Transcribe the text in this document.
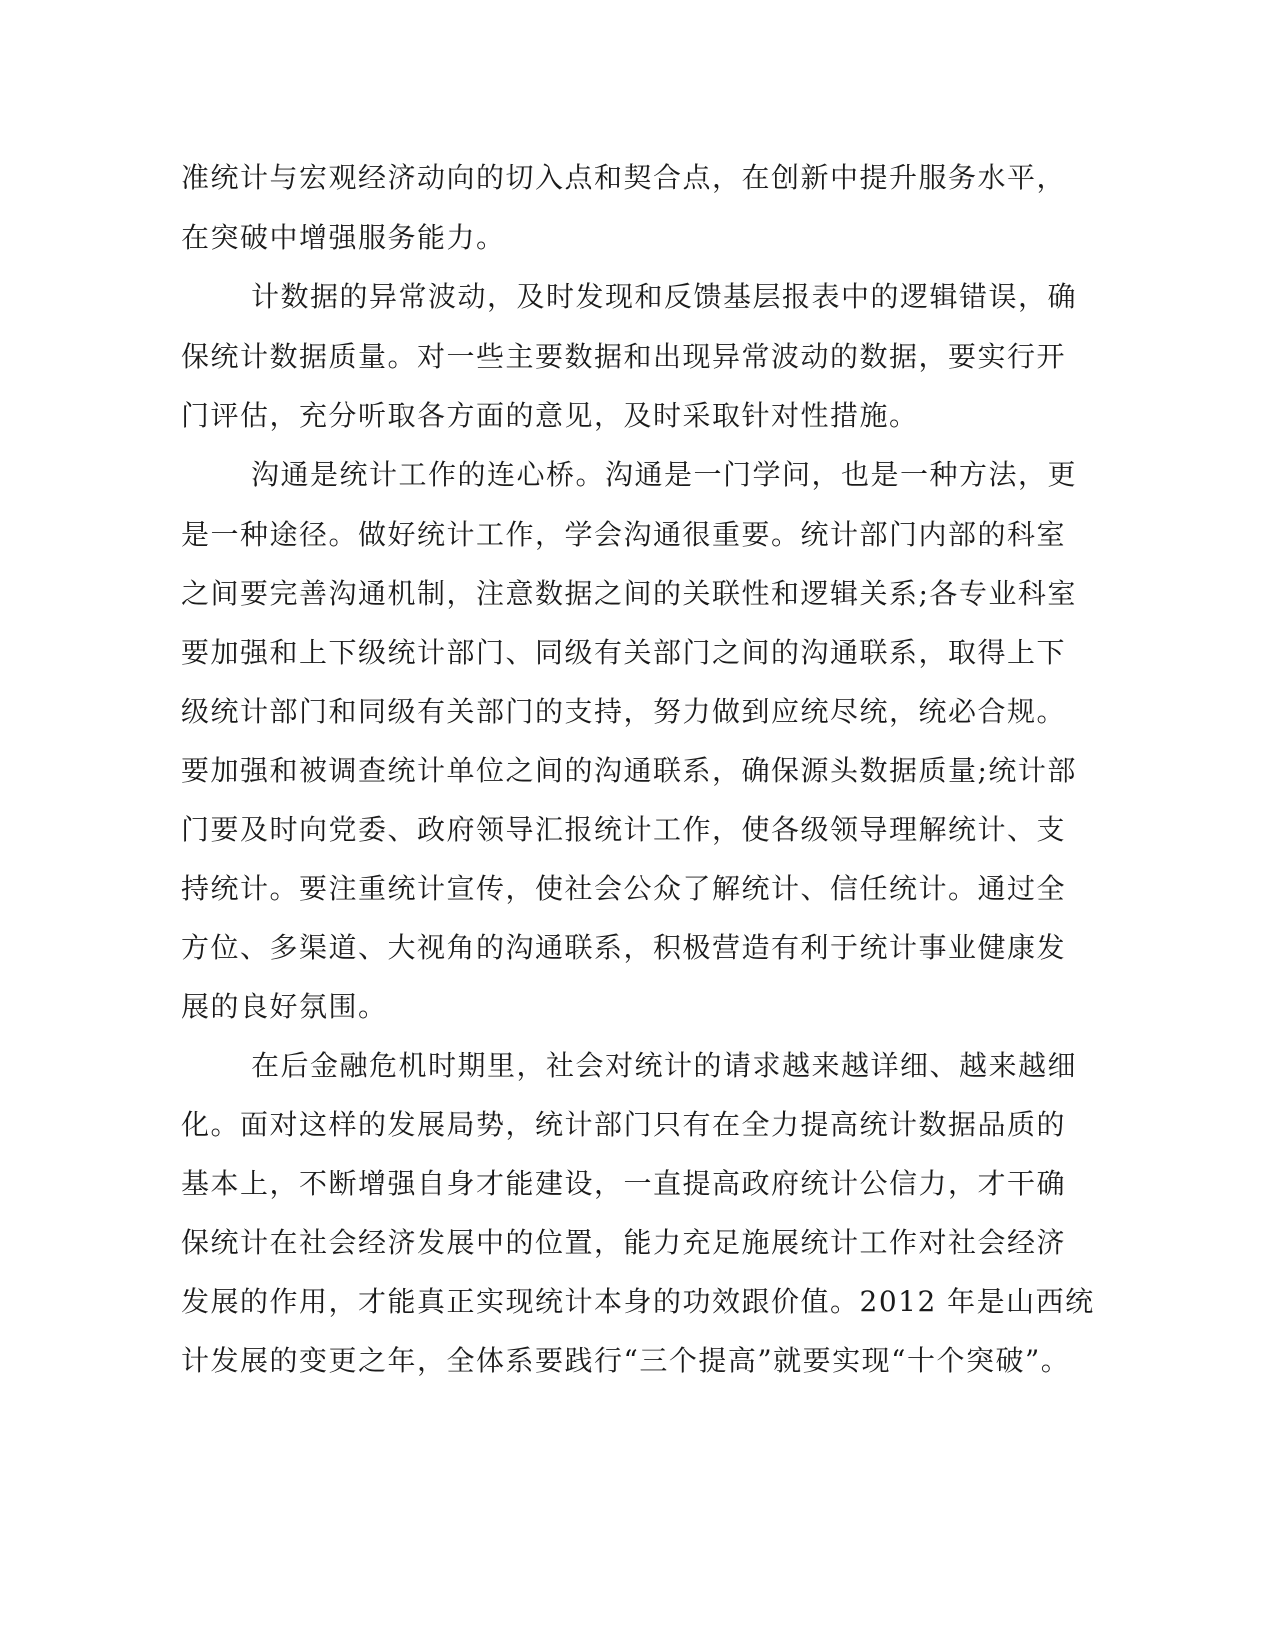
准统计与宏观经济动向的切入点和契合点，在创新中提升服务水平，

在突破中增强服务能力。

计数据的异常波动，及时发现和反馈基层报表中的逻辑错误，确

保统计数据质量。对一些主要数据和出现异常波动的数据，要实行开

门评估，充分听取各方面的意见，及时采取针对性措施。

沟通是统计工作的连心桥。沟通是一门学问，也是一种方法，更

是一种途径。做好统计工作，学会沟通很重要。统计部门内部的科室

之间要完善沟通机制，注意数据之间的关联性和逻辑关系;各专业科室

要加强和上下级统计部门、同级有关部门之间的沟通联系，取得上下

级统计部门和同级有关部门的支持，努力做到应统尽统，统必合规。

要加强和被调查统计单位之间的沟通联系，确保源头数据质量;统计部

门要及时向党委、政府领导汇报统计工作，使各级领导理解统计、支

持统计。要注重统计宣传，使社会公众了解统计、信任统计。通过全

方位、多渠道、大视角的沟通联系，积极营造有利于统计事业健康发

展的良好氛围。

在后金融危机时期里，社会对统计的请求越来越详细、越来越细

化。面对这样的发展局势，统计部门只有在全力提高统计数据品质的

基本上，不断增强自身才能建设，一直提高政府统计公信力，才干确

保统计在社会经济发展中的位置，能力充足施展统计工作对社会经济

发展的作用，才能真正实现统计本身的功效跟价值。2012 年是山西统

计发展的变更之年，全体系要践行“三个提高”就要实现“十个突破”。
